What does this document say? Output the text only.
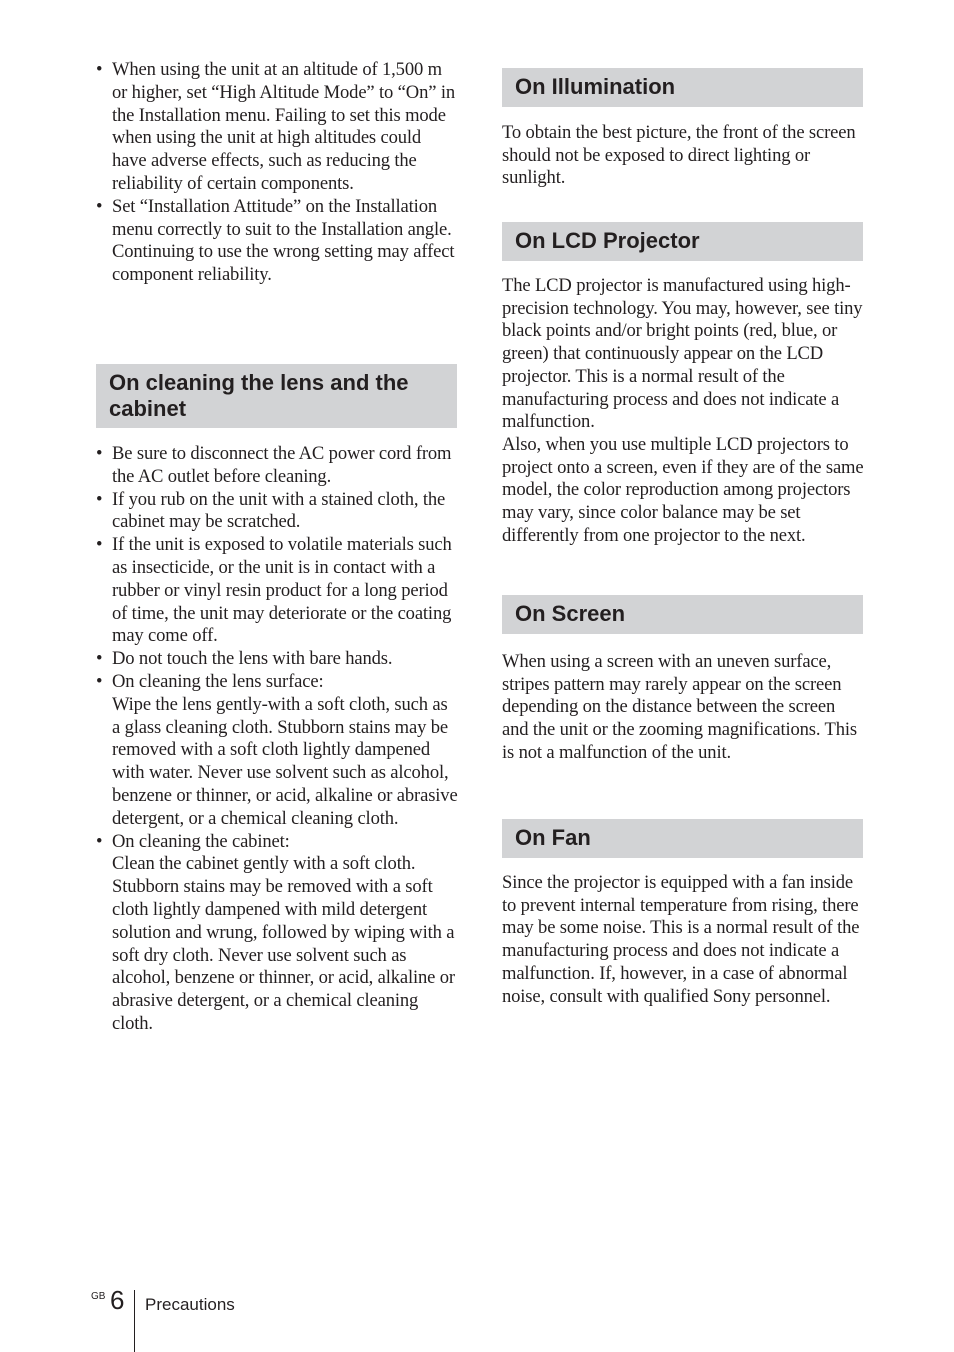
• When using the unit at an altitude of 1,500 m or higher, set “High Altitude Mode” to “On” in the Installation menu. Failing to set this mode when using the unit at high altitudes could have adverse effects, such as reducing the reliability of certain components.
• Set “Installation Attitude” on the Installation menu correctly to suit to the Installation angle. Continuing to use the wrong setting may affect component reliability.
On cleaning the lens and the cabinet
• Be sure to disconnect the AC power cord from the AC outlet before cleaning.
• If you rub on the unit with a stained cloth, the cabinet may be scratched.
• If the unit is exposed to volatile materials such as insecticide, or the unit is in contact with a rubber or vinyl resin product for a long period of time, the unit may deteriorate or the coating may come off.
• Do not touch the lens with bare hands.
• On cleaning the lens surface:
Wipe the lens gently-with a soft cloth, such as a glass cleaning cloth. Stubborn stains may be removed with a soft cloth lightly dampened with water. Never use solvent such as alcohol, benzene or thinner, or acid, alkaline or abrasive detergent, or a chemical cleaning cloth.
• On cleaning the cabinet:
Clean the cabinet gently with a soft cloth. Stubborn stains may be removed with a soft cloth lightly dampened with mild detergent solution and wrung, followed by wiping with a soft dry cloth. Never use solvent such as alcohol, benzene or thinner, or acid, alkaline or abrasive detergent, or a chemical cleaning cloth.
On Illumination

To obtain the best picture, the front of the screen should not be exposed to direct lighting or sunlight.

On LCD Projector

The LCD projector is manufactured using high-precision technology. You may, however, see tiny black points and/or bright points (red, blue, or green) that continuously appear on the LCD projector. This is a normal result of the manufacturing process and does not indicate a malfunction.

Also, when you use multiple LCD projectors to project onto a screen, even if they are of the same model, the color reproduction among projectors may vary, since color balance may be set differently from one projector to the next.

On Screen

When using a screen with an uneven surface, stripes pattern may rarely appear on the screen depending on the distance between the screen and the unit or the zooming magnifications. This is not a malfunction of the unit.

On Fan

Since the projector is equipped with a fan inside to prevent internal temperature from rising, there may be some noise. This is a normal result of the manufacturing process and does not indicate a malfunction. If, however, in a case of abnormal noise, consult with qualified Sony personnel.

GB 6 Precautions
